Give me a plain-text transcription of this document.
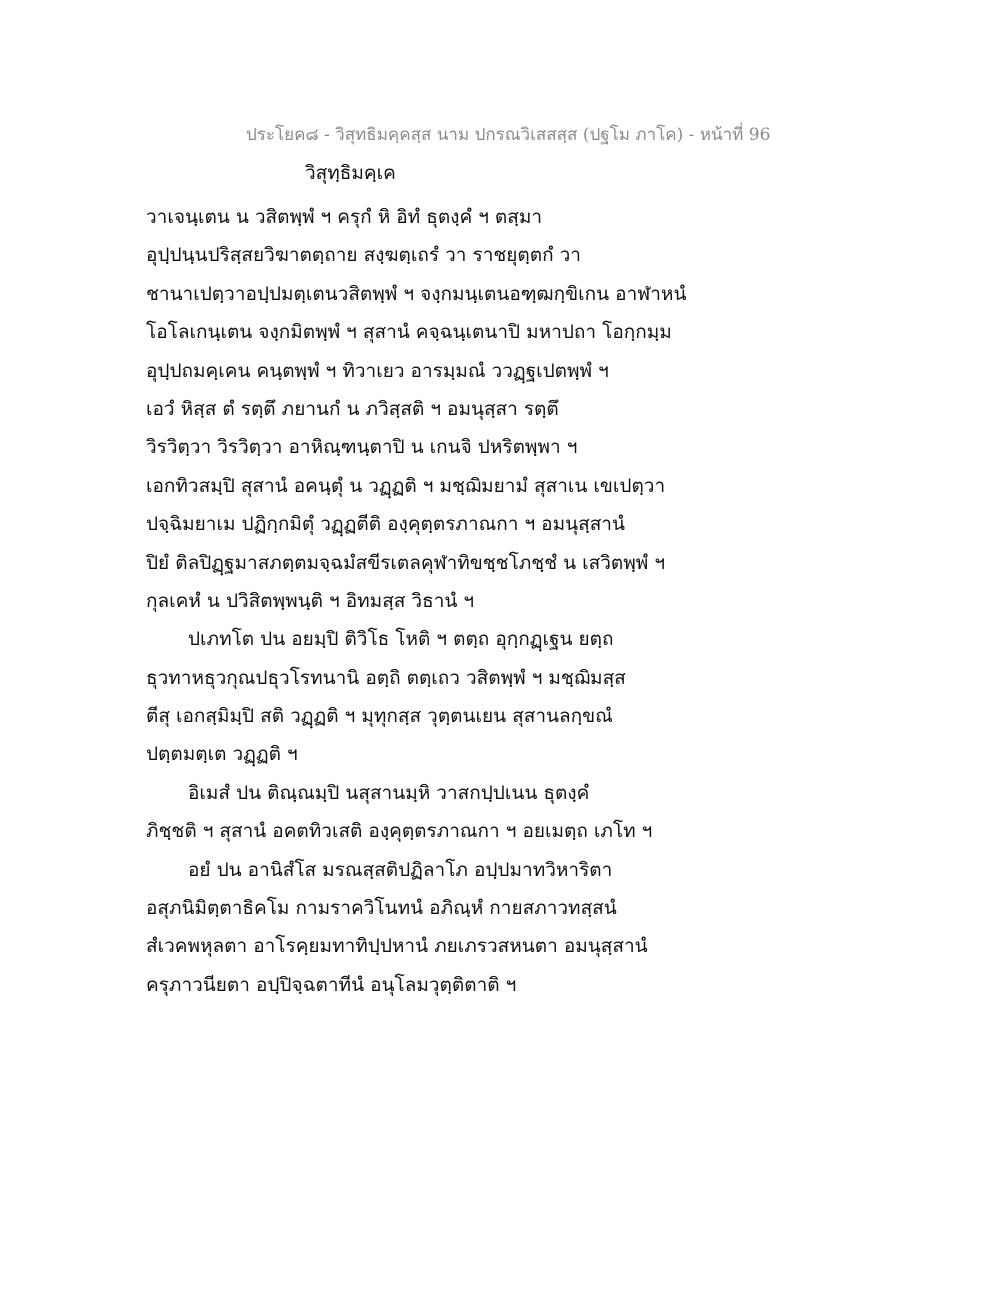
ประโยค๘ - วิสุทธิมคฺคสฺส นาม ปกรณวิเสสสฺส (ปฐโม ภาโค) - หน้าที่ 96
วิสุทฺธิมคฺเค
วาเจนฺเตน น วสิตพฺพํ ฯ ครุกํ หิ อิทํ ธุตงฺคํ ฯ ตสฺมา
อุปฺปนฺนปริสฺสยวิฆาตตฺถาย สงฺฆตฺเถรํ วา ราชยุตฺตกํ วา
ชานาเปตฺวาอปฺปมตฺเตนวสิตพฺพํ ฯ จงฺกมนฺเตนอฑฺฒกฺขิเกน อาฬาหนํ
โอโลเกนฺเตน จงฺกมิตพฺพํ ฯ สุสานํ คจฺฉนฺเตนาปิ มหาปถา โอกฺกมฺม
อุปฺปถมคฺเคน คนฺตพฺพํ ฯ ทิวาเยว อารมฺมณํ ววฏฺฐเปตพฺพํ ฯ
เอวํ หิสฺส ตํ รตฺตึ ภยานกํ น ภวิสฺสติ ฯ อมนุสฺสา รตฺตึ
วิรวิตฺวา วิรวิตฺวา อาหิณฺฑนฺตาปิ น เกนจิ ปหริตพฺพา ฯ
เอกทิวสมฺปิ สุสานํ อคนฺตุํ น วฏฺฏติ ฯ มชฺฌิมยามํ สุสาเน เขเปตฺวา
ปจฺฉิมยาเม ปฏิกฺกมิตุํ วฏฺฏตีติ องฺคุตฺตรภาณกา ฯ อมนุสฺสานํ
ปิยํ ติลปิฏฺฐมาสภตฺตมจฺฉมํสขีรเตลคุฬาทิขชฺชโภชฺชํ น เสวิตพฺพํ ฯ
กุลเคหํ น ปวิสิตพฺพนฺติ ฯ อิทมสฺส วิธานํ ฯ
ปเภทโต ปน อยมฺปิ ติวิโธ โหติ ฯ ตตฺถ อุกฺกฏฺเฐน ยตฺถ
ธุวทาหธุวกุณปธุวโรทนานิ อตฺถิ ตตฺเถว วสิตพฺพํ ฯ มชฺฌิมสฺส
ตีสุ เอกสฺมิมฺปิ สติ วฏฺฏติ ฯ มุทุกสฺส วุตฺตนเยน สุสานลกฺขณํ
ปตฺตมตฺเต วฏฺฏติ ฯ
อิเมสํ ปน ติณฺณมฺปิ นสุสานมฺหิ วาสกปฺปเนน ธุตงฺคํ
ภิชฺชติ ฯ สุสานํ อคตทิวเสติ องฺคุตฺตรภาณกา ฯ อยเมตฺถ เภโท ฯ
อยํ ปน อานิสํโส มรณสฺสติปฏิลาโภ อปฺปมาทวิหาริตา
อสุภนิมิตฺตาธิคโม กามราควิโนทนํ อภิณฺหํ กายสภาวทสฺสนํ
สํเวคพหุลตา อาโรคฺยมทาทิปฺปหานํ ภยเภรวสหนตา อมนุสฺสานํ
ครุภาวนียตา อปฺปิจฺฉตาทีนํ อนุโลมวุตฺติตาติ ฯ
